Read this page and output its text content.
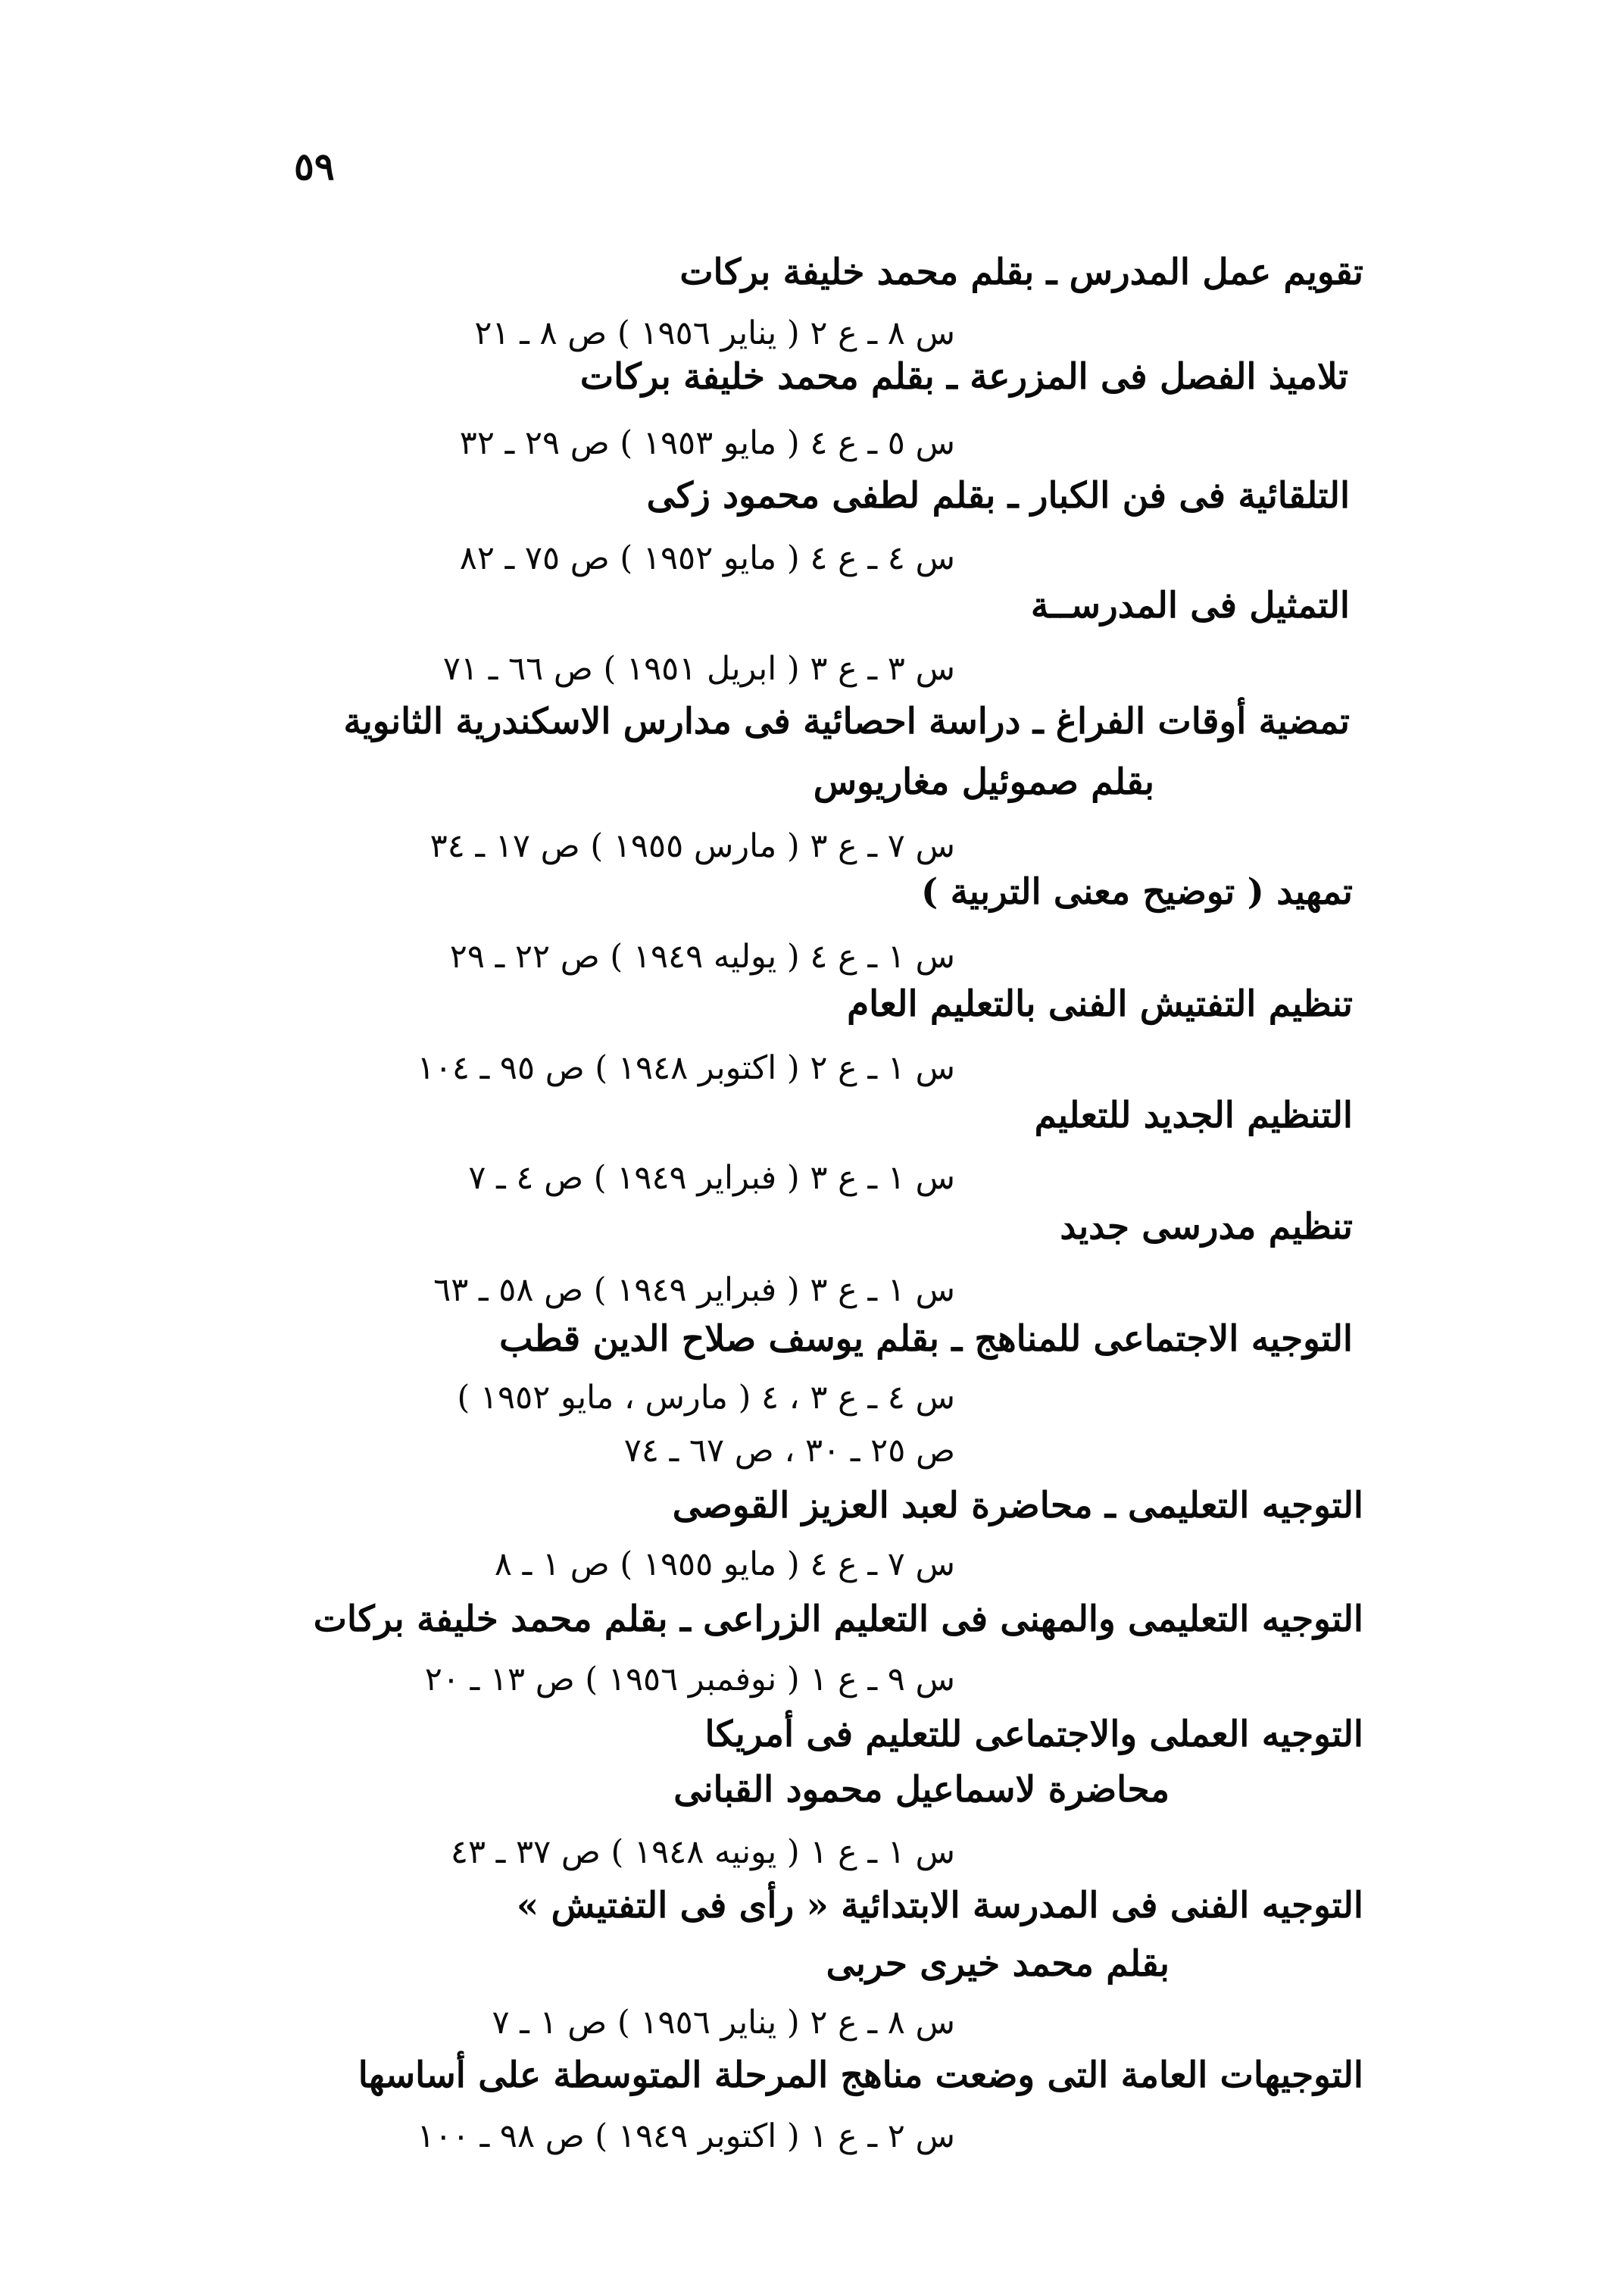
٥٩
تقويم عمل المدرس ـ بقلم محمد خليفة بركات
س ٨ ـ ع ٢ ( يناير ١٩٥٦ ) ص ٨ ـ ٢١
تلاميذ الفصل فى المزرعة ـ بقلم محمد خليفة بركات
س ٥ ـ ع ٤ ( مايو ١٩٥٣ ) ص ٢٩ ـ ٣٢
التلقائية فى فن الكبار ـ بقلم لطفى محمود زكى
س ٤ ـ ع ٤ ( مايو ١٩٥٢ ) ص ٧٥ ـ ٨٢
التمثيل فى المدرســة
س ٣ ـ ع ٣ ( ابريل ١٩٥١ ) ص ٦٦ ـ ٧١
تمضية أوقات الفراغ ـ دراسة احصائية فى مدارس الاسكندرية الثانوية
بقلم صموئيل مغاريوس
س ٧ ـ ع ٣ ( مارس ١٩٥٥ ) ص ١٧ ـ ٣٤
تمهيد ( توضيح معنى التربية )
س ١ ـ ع ٤ ( يوليه ١٩٤٩ ) ص ٢٢ ـ ٢٩
تنظيم التفتيش الفنى بالتعليم العام
س ١ ـ ع ٢ ( اكتوبر ١٩٤٨ ) ص ٩٥ ـ ١٠٤
التنظيم الجديد للتعليم
س ١ ـ ع ٣ ( فبراير ١٩٤٩ ) ص ٤ ـ ٧
تنظيم مدرسى جديد
س ١ ـ ع ٣ ( فبراير ١٩٤٩ ) ص ٥٨ ـ ٦٣
التوجيه الاجتماعى للمناهج ـ بقلم يوسف صلاح الدين قطب
س ٤ ـ ع ٣ ، ٤ ( مارس ، مايو ١٩٥٢ )
ص ٢٥ ـ ٣٠ ، ص ٦٧ ـ ٧٤
التوجيه التعليمى ـ محاضرة لعبد العزيز القوصى
س ٧ ـ ع ٤ ( مايو ١٩٥٥ ) ص ١ ـ ٨
التوجيه التعليمى والمهنى فى التعليم الزراعى ـ بقلم محمد خليفة بركات
س ٩ ـ ع ١ ( نوفمبر ١٩٥٦ ) ص ١٣ ـ ٢٠
التوجيه العملى والاجتماعى للتعليم فى أمريكا
محاضرة لاسماعيل محمود القبانى
س ١ ـ ع ١ ( يونيه ١٩٤٨ ) ص ٣٧ ـ ٤٣
التوجيه الفنى فى المدرسة الابتدائية « رأى فى التفتيش »
بقلم محمد خيرى حربى
س ٨ ـ ع ٢ ( يناير ١٩٥٦ ) ص ١ ـ ٧
التوجيهات العامة التى وضعت مناهج المرحلة المتوسطة على أساسها
س ٢ ـ ع ١ ( اكتوبر ١٩٤٩ ) ص ٩٨ ـ ١٠٠
